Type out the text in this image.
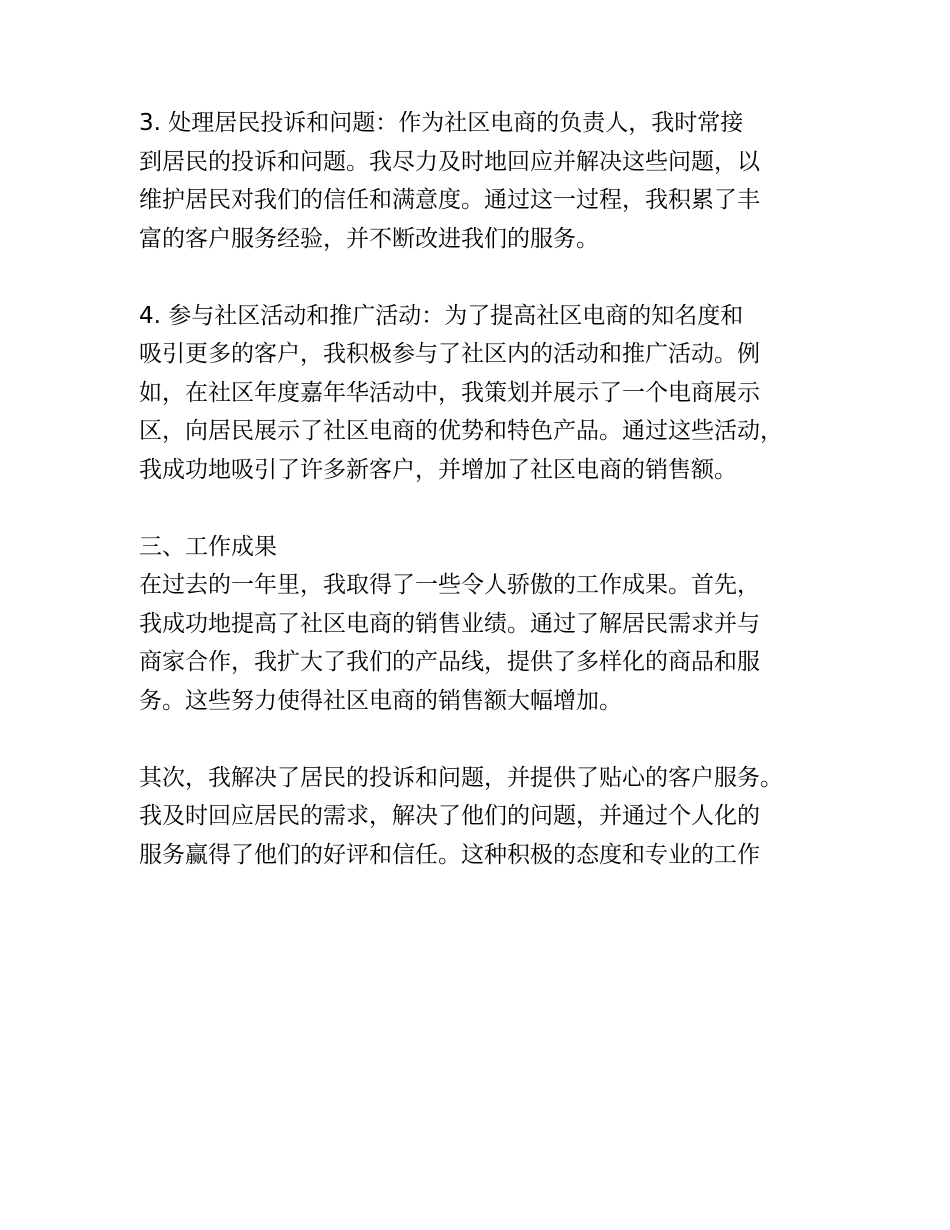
3. 处理居民投诉和问题：作为社区电商的负责人，我时常接
到居民的投诉和问题。我尽力及时地回应并解决这些问题，以
维护居民对我们的信任和满意度。通过这一过程，我积累了丰
富的客户服务经验，并不断改进我们的服务。
4. 参与社区活动和推广活动：为了提高社区电商的知名度和
吸引更多的客户，我积极参与了社区内的活动和推广活动。例
如，在社区年度嘉年华活动中，我策划并展示了一个电商展示
区，向居民展示了社区电商的优势和特色产品。通过这些活动，
我成功地吸引了许多新客户，并增加了社区电商的销售额。
三、工作成果
在过去的一年里，我取得了一些令人骄傲的工作成果。首先，
我成功地提高了社区电商的销售业绩。通过了解居民需求并与
商家合作，我扩大了我们的产品线，提供了多样化的商品和服
务。这些努力使得社区电商的销售额大幅增加。
其次，我解决了居民的投诉和问题，并提供了贴心的客户服务。
我及时回应居民的需求，解决了他们的问题，并通过个人化的
服务赢得了他们的好评和信任。这种积极的态度和专业的工作
